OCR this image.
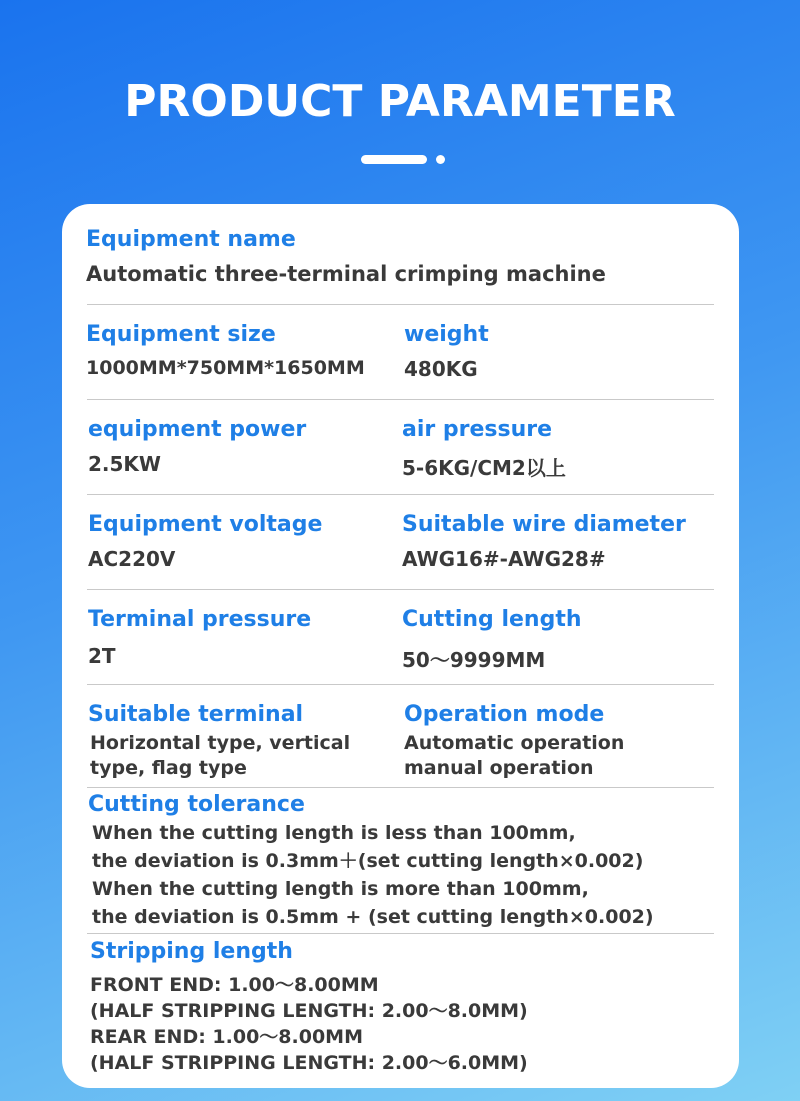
PRODUCT PARAMETER
Equipment name
Automatic three-terminal crimping machine
Equipment size
1000MM*750MM*1650MM
weight
480KG
equipment power
2.5KW
air pressure
5-6KG/CM2以上
Equipment voltage
AC220V
Suitable wire diameter
AWG16#-AWG28#
Terminal pressure
2T
Cutting length
50～9999MM
Suitable terminal
Horizontal type, vertical
type, flag type
Operation mode
Automatic operation
manual operation
Cutting tolerance
When the cutting length is less than 100mm,
the deviation is 0.3mm＋(set cutting length×0.002)
When the cutting length is more than 100mm,
the deviation is 0.5mm + (set cutting length×0.002)
Stripping length
FRONT END: 1.00～8.00MM
(HALF STRIPPING LENGTH: 2.00～8.0MM)
REAR END: 1.00～8.00MM
(HALF STRIPPING LENGTH: 2.00～6.0MM)
